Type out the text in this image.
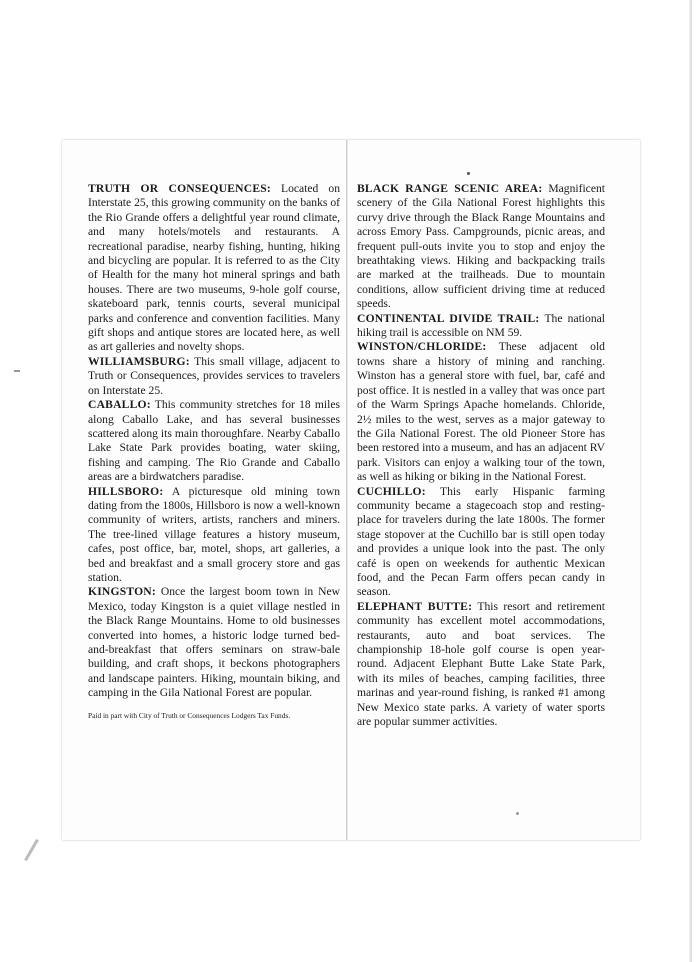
TRUTH OR CONSEQUENCES: Located on Interstate 25, this growing community on the banks of the Rio Grande offers a delightful year round climate, and many hotels/motels and restaurants. A recreational paradise, nearby fishing, hunting, hiking and bicycling are popular. It is referred to as the City of Health for the many hot mineral springs and bath houses. There are two museums, 9-hole golf course, skateboard park, tennis courts, several municipal parks and conference and convention facilities. Many gift shops and antique stores are located here, as well as art galleries and novelty shops.

WILLIAMSBURG: This small village, adjacent to Truth or Consequences, provides services to travelers on Interstate 25.

CABALLO: This community stretches for 18 miles along Caballo Lake, and has several businesses scattered along its main thoroughfare. Nearby Caballo Lake State Park provides boating, water skiing, fishing and camping. The Rio Grande and Caballo areas are a birdwatchers paradise.

HILLSBORO: A picturesque old mining town dating from the 1800s, Hillsboro is now a well-known community of writers, artists, ranchers and miners. The tree-lined village features a history museum, cafes, post office, bar, motel, shops, art galleries, a bed and breakfast and a small grocery store and gas station.

KINGSTON: Once the largest boom town in New Mexico, today Kingston is a quiet village nestled in the Black Range Mountains. Home to old businesses converted into homes, a historic lodge turned bed-and-breakfast that offers seminars on straw-bale building, and craft shops, it beckons photographers and landscape painters. Hiking, mountain biking, and camping in the Gila National Forest are popular.

Paid in part with City of Truth or Consequences Lodgers Tax Funds.

BLACK RANGE SCENIC AREA: Magnificent scenery of the Gila National Forest highlights this curvy drive through the Black Range Mountains and across Emory Pass. Campgrounds, picnic areas, and frequent pull-outs invite you to stop and enjoy the breathtaking views. Hiking and backpacking trails are marked at the trailheads. Due to mountain conditions, allow sufficient driving time at reduced speeds.

CONTINENTAL DIVIDE TRAIL: The national hiking trail is accessible on NM 59.

WINSTON/CHLORIDE: These adjacent old towns share a history of mining and ranching. Winston has a general store with fuel, bar, café and post office. It is nestled in a valley that was once part of the Warm Springs Apache homelands. Chloride, 2½ miles to the west, serves as a major gateway to the Gila National Forest. The old Pioneer Store has been restored into a museum, and has an adjacent RV park. Visitors can enjoy a walking tour of the town, as well as hiking or biking in the National Forest.

CUCHILLO: This early Hispanic farming community became a stagecoach stop and resting-place for travelers during the late 1800s. The former stage stopover at the Cuchillo bar is still open today and provides a unique look into the past. The only café is open on weekends for authentic Mexican food, and the Pecan Farm offers pecan candy in season.

ELEPHANT BUTTE: This resort and retirement community has excellent motel accommodations, restaurants, auto and boat services. The championship 18-hole golf course is open year-round. Adjacent Elephant Butte Lake State Park, with its miles of beaches, camping facilities, three marinas and year-round fishing, is ranked #1 among New Mexico state parks. A variety of water sports are popular summer activities.
